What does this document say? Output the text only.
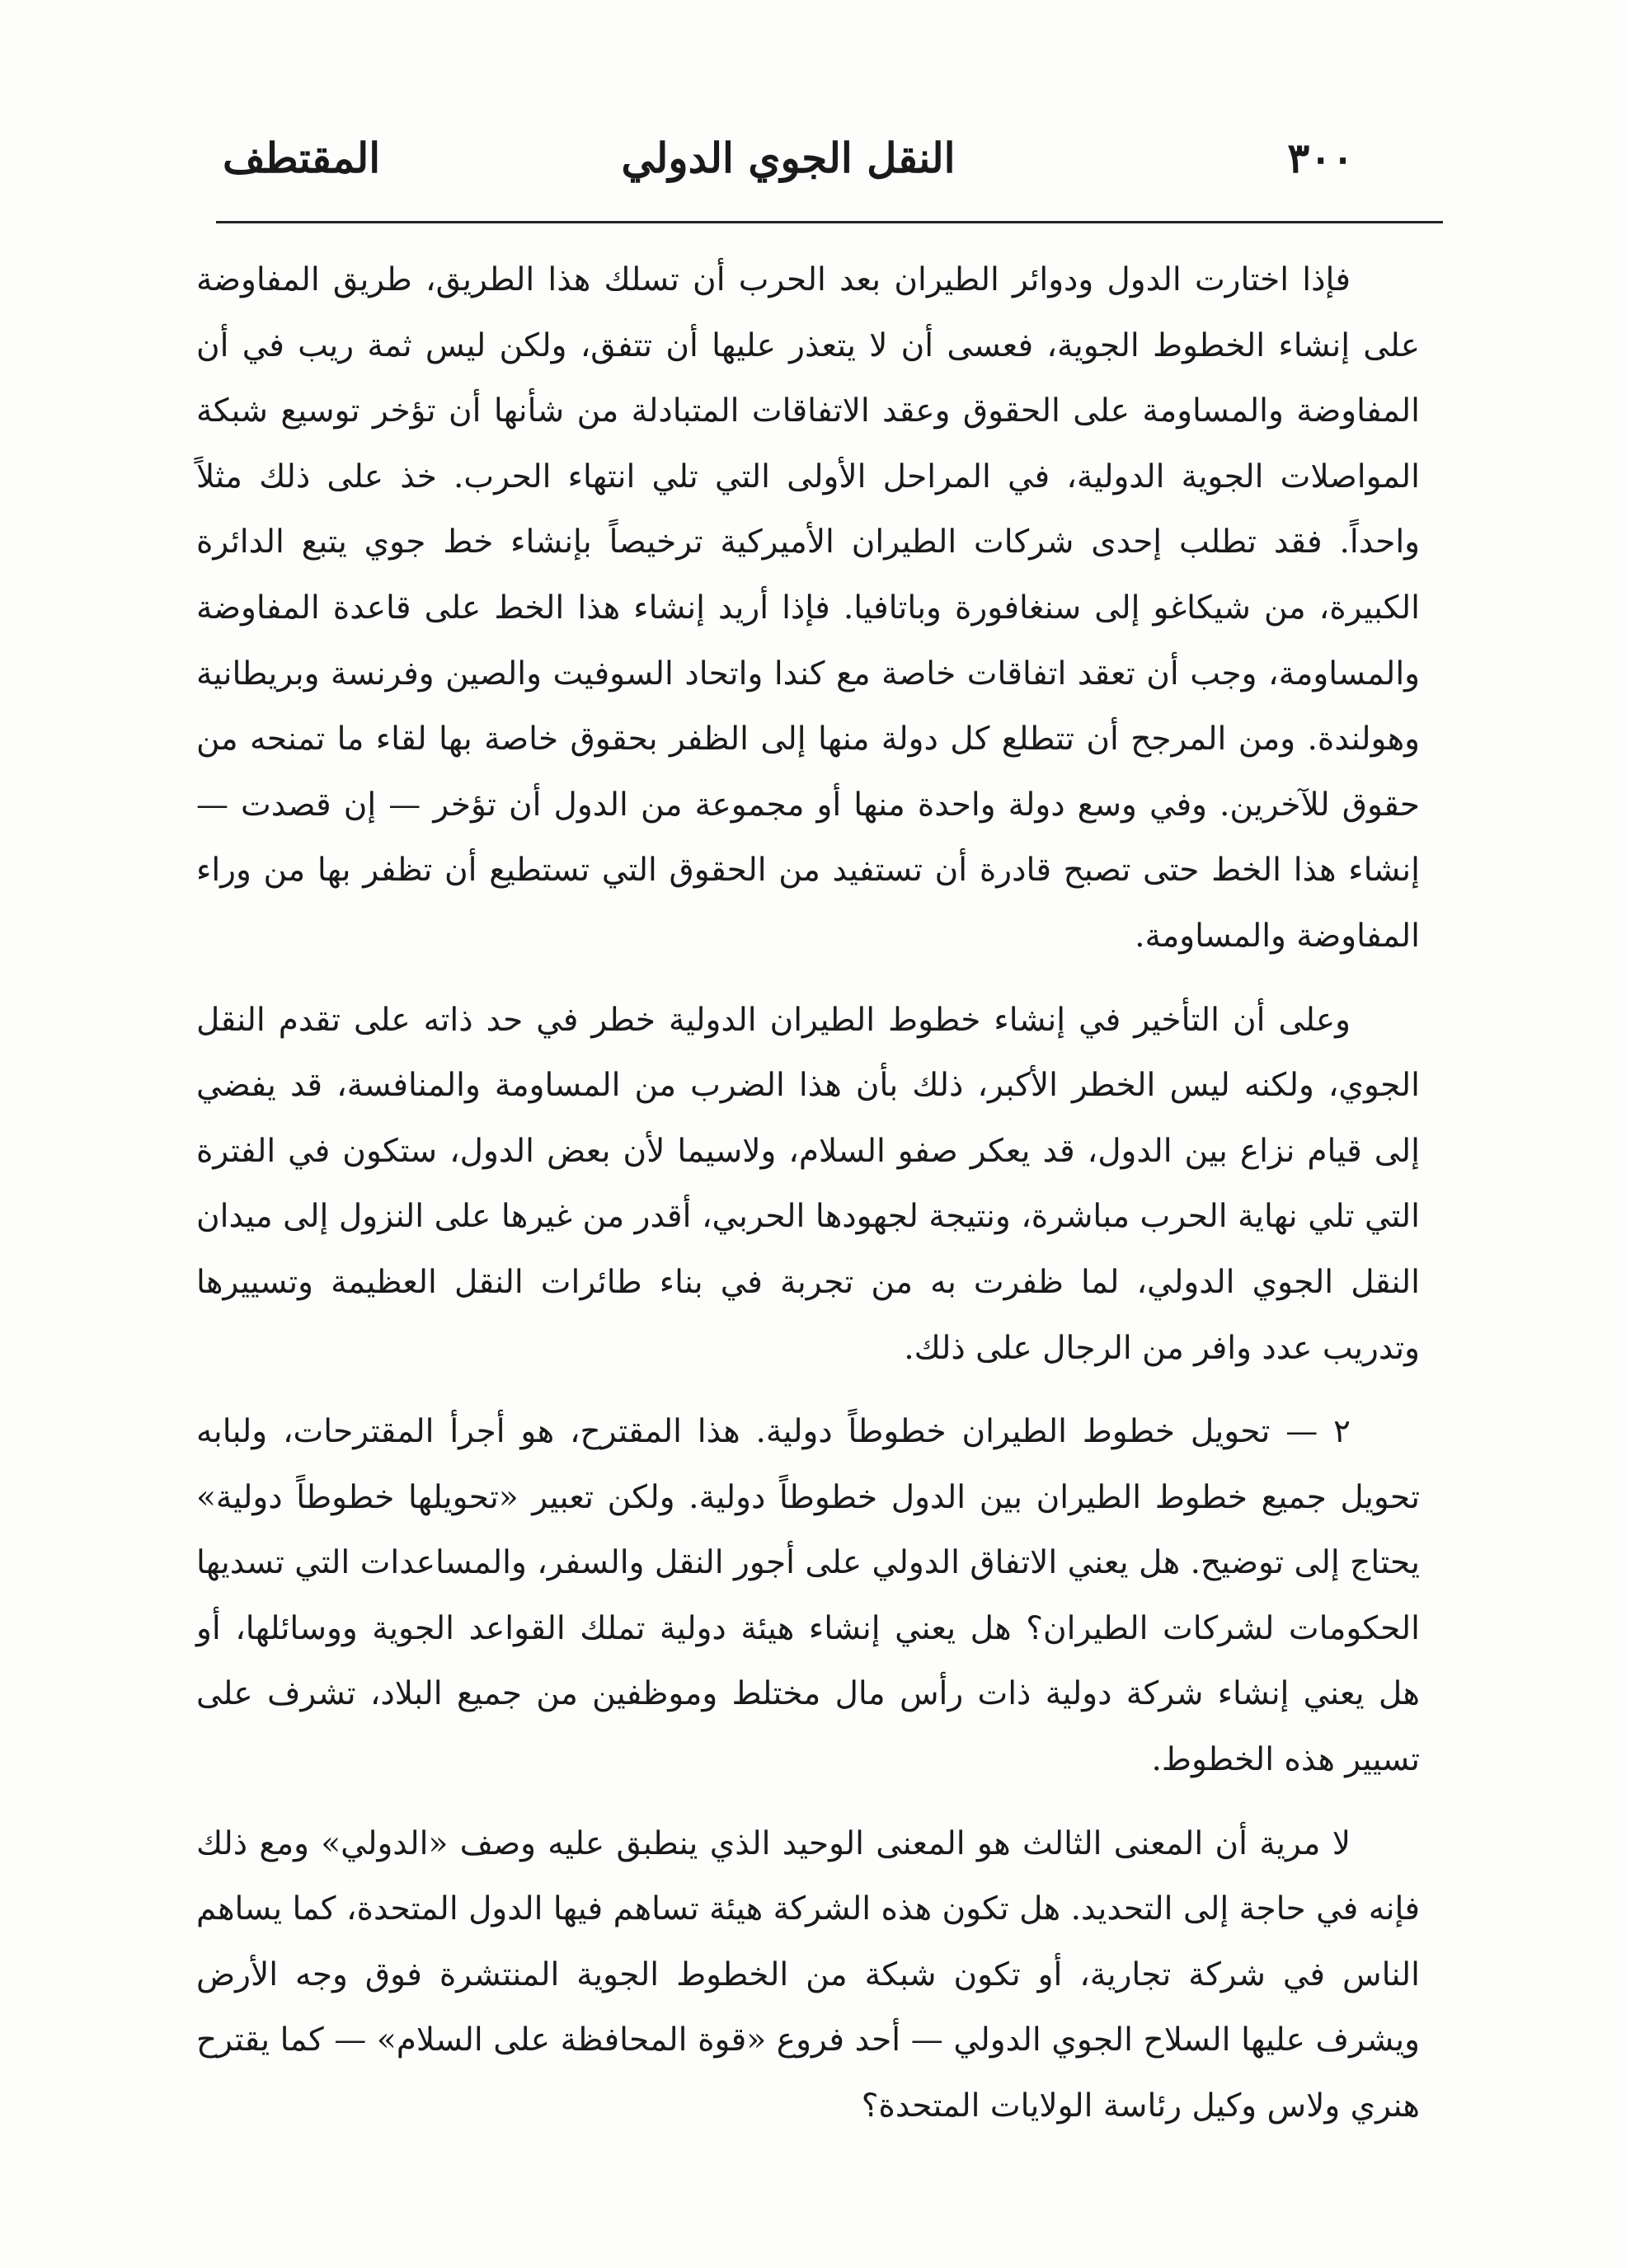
٣٠٠
النقل الجوي الدولي
المقتطف

فإذا اختارت الدول ودوائر الطيران بعد الحرب أن تسلك هذا الطريق، طريق المفاوضة على إنشاء الخطوط الجوية، فعسى أن لا يتعذر عليها أن تتفق، ولكن ليس ثمة ريب في أن المفاوضة والمساومة على الحقوق وعقد الاتفاقات المتبادلة من شأنها أن تؤخر توسيع شبكة المواصلات الجوية الدولية، في المراحل الأولى التي تلي انتهاء الحرب. خذ على ذلك مثلاً واحداً. فقد تطلب إحدى شركات الطيران الأميركية ترخيصاً بإنشاء خط جوي يتبع الدائرة الكبيرة، من شيكاغو إلى سنغافورة وباتافيا. فإذا أريد إنشاء هذا الخط على قاعدة المفاوضة والمساومة، وجب أن تعقد اتفاقات خاصة مع كندا واتحاد السوفيت والصين وفرنسة وبريطانية وهولندة. ومن المرجح أن تتطلع كل دولة منها إلى الظفر بحقوق خاصة بها لقاء ما تمنحه من حقوق للآخرين. وفي وسع دولة واحدة منها أو مجموعة من الدول أن تؤخر — إن قصدت — إنشاء هذا الخط حتى تصبح قادرة أن تستفيد من الحقوق التي تستطيع أن تظفر بها من وراء المفاوضة والمساومة.

وعلى أن التأخير في إنشاء خطوط الطيران الدولية خطر في حد ذاته على تقدم النقل الجوي، ولكنه ليس الخطر الأكبر، ذلك بأن هذا الضرب من المساومة والمنافسة، قد يفضي إلى قيام نزاع بين الدول، قد يعكر صفو السلام، ولاسيما لأن بعض الدول، ستكون في الفترة التي تلي نهاية الحرب مباشرة، ونتيجة لجهودها الحربي، أقدر من غيرها على النزول إلى ميدان النقل الجوي الدولي، لما ظفرت به من تجربة في بناء طائرات النقل العظيمة وتسييرها وتدريب عدد وافر من الرجال على ذلك.

٢ — تحويل خطوط الطيران خطوطاً دولية. هذا المقترح، هو أجرأ المقترحات، ولبابه تحويل جميع خطوط الطيران بين الدول خطوطاً دولية. ولكن تعبير «تحويلها خطوطاً دولية» يحتاج إلى توضيح. هل يعني الاتفاق الدولي على أجور النقل والسفر، والمساعدات التي تسديها الحكومات لشركات الطيران؟ هل يعني إنشاء هيئة دولية تملك القواعد الجوية ووسائلها، أو هل يعني إنشاء شركة دولية ذات رأس مال مختلط وموظفين من جميع البلاد، تشرف على تسيير هذه الخطوط.

لا مرية أن المعنى الثالث هو المعنى الوحيد الذي ينطبق عليه وصف «الدولي» ومع ذلك فإنه في حاجة إلى التحديد. هل تكون هذه الشركة هيئة تساهم فيها الدول المتحدة، كما يساهم الناس في شركة تجارية، أو تكون شبكة من الخطوط الجوية المنتشرة فوق وجه الأرض ويشرف عليها السلاح الجوي الدولي — أحد فروع «قوة المحافظة على السلام» — كما يقترح هنري ولاس وكيل رئاسة الولايات المتحدة؟
